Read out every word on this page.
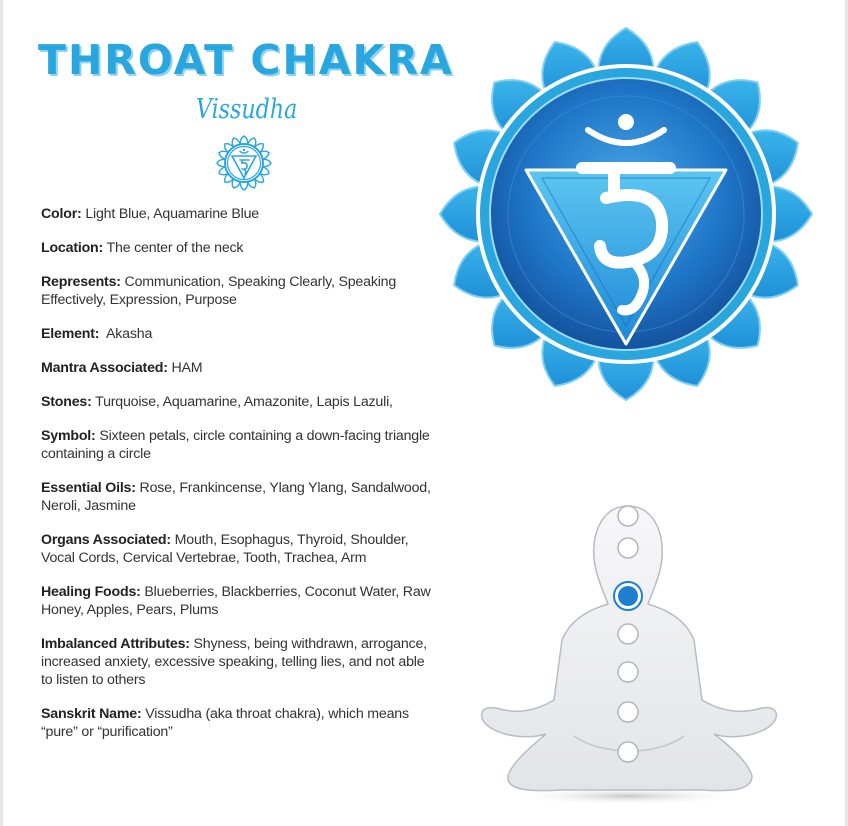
THROAT CHAKRA
Vissudha
Color: Light Blue, Aquamarine Blue
Location: The center of the neck
Represents: Communication, Speaking Clearly, Speaking Effectively, Expression, Purpose
Element:  Akasha
Mantra Associated: HAM
Stones: Turquoise, Aquamarine, Amazonite, Lapis Lazuli,
Symbol: Sixteen petals, circle containing a down-facing triangle containing a circle
Essential Oils: Rose, Frankincense, Ylang Ylang, Sandalwood, Neroli, Jasmine
Organs Associated: Mouth, Esophagus, Thyroid, Shoulder, Vocal Cords, Cervical Vertebrae, Tooth, Trachea, Arm
Healing Foods: Blueberries, Blackberries, Coconut Water, Raw Honey, Apples, Pears, Plums
Imbalanced Attributes: Shyness, being withdrawn, arrogance, increased anxiety, excessive speaking, telling lies, and not able to listen to others
Sanskrit Name: Vissudha (aka throat chakra), which means “pure” or “purification”
